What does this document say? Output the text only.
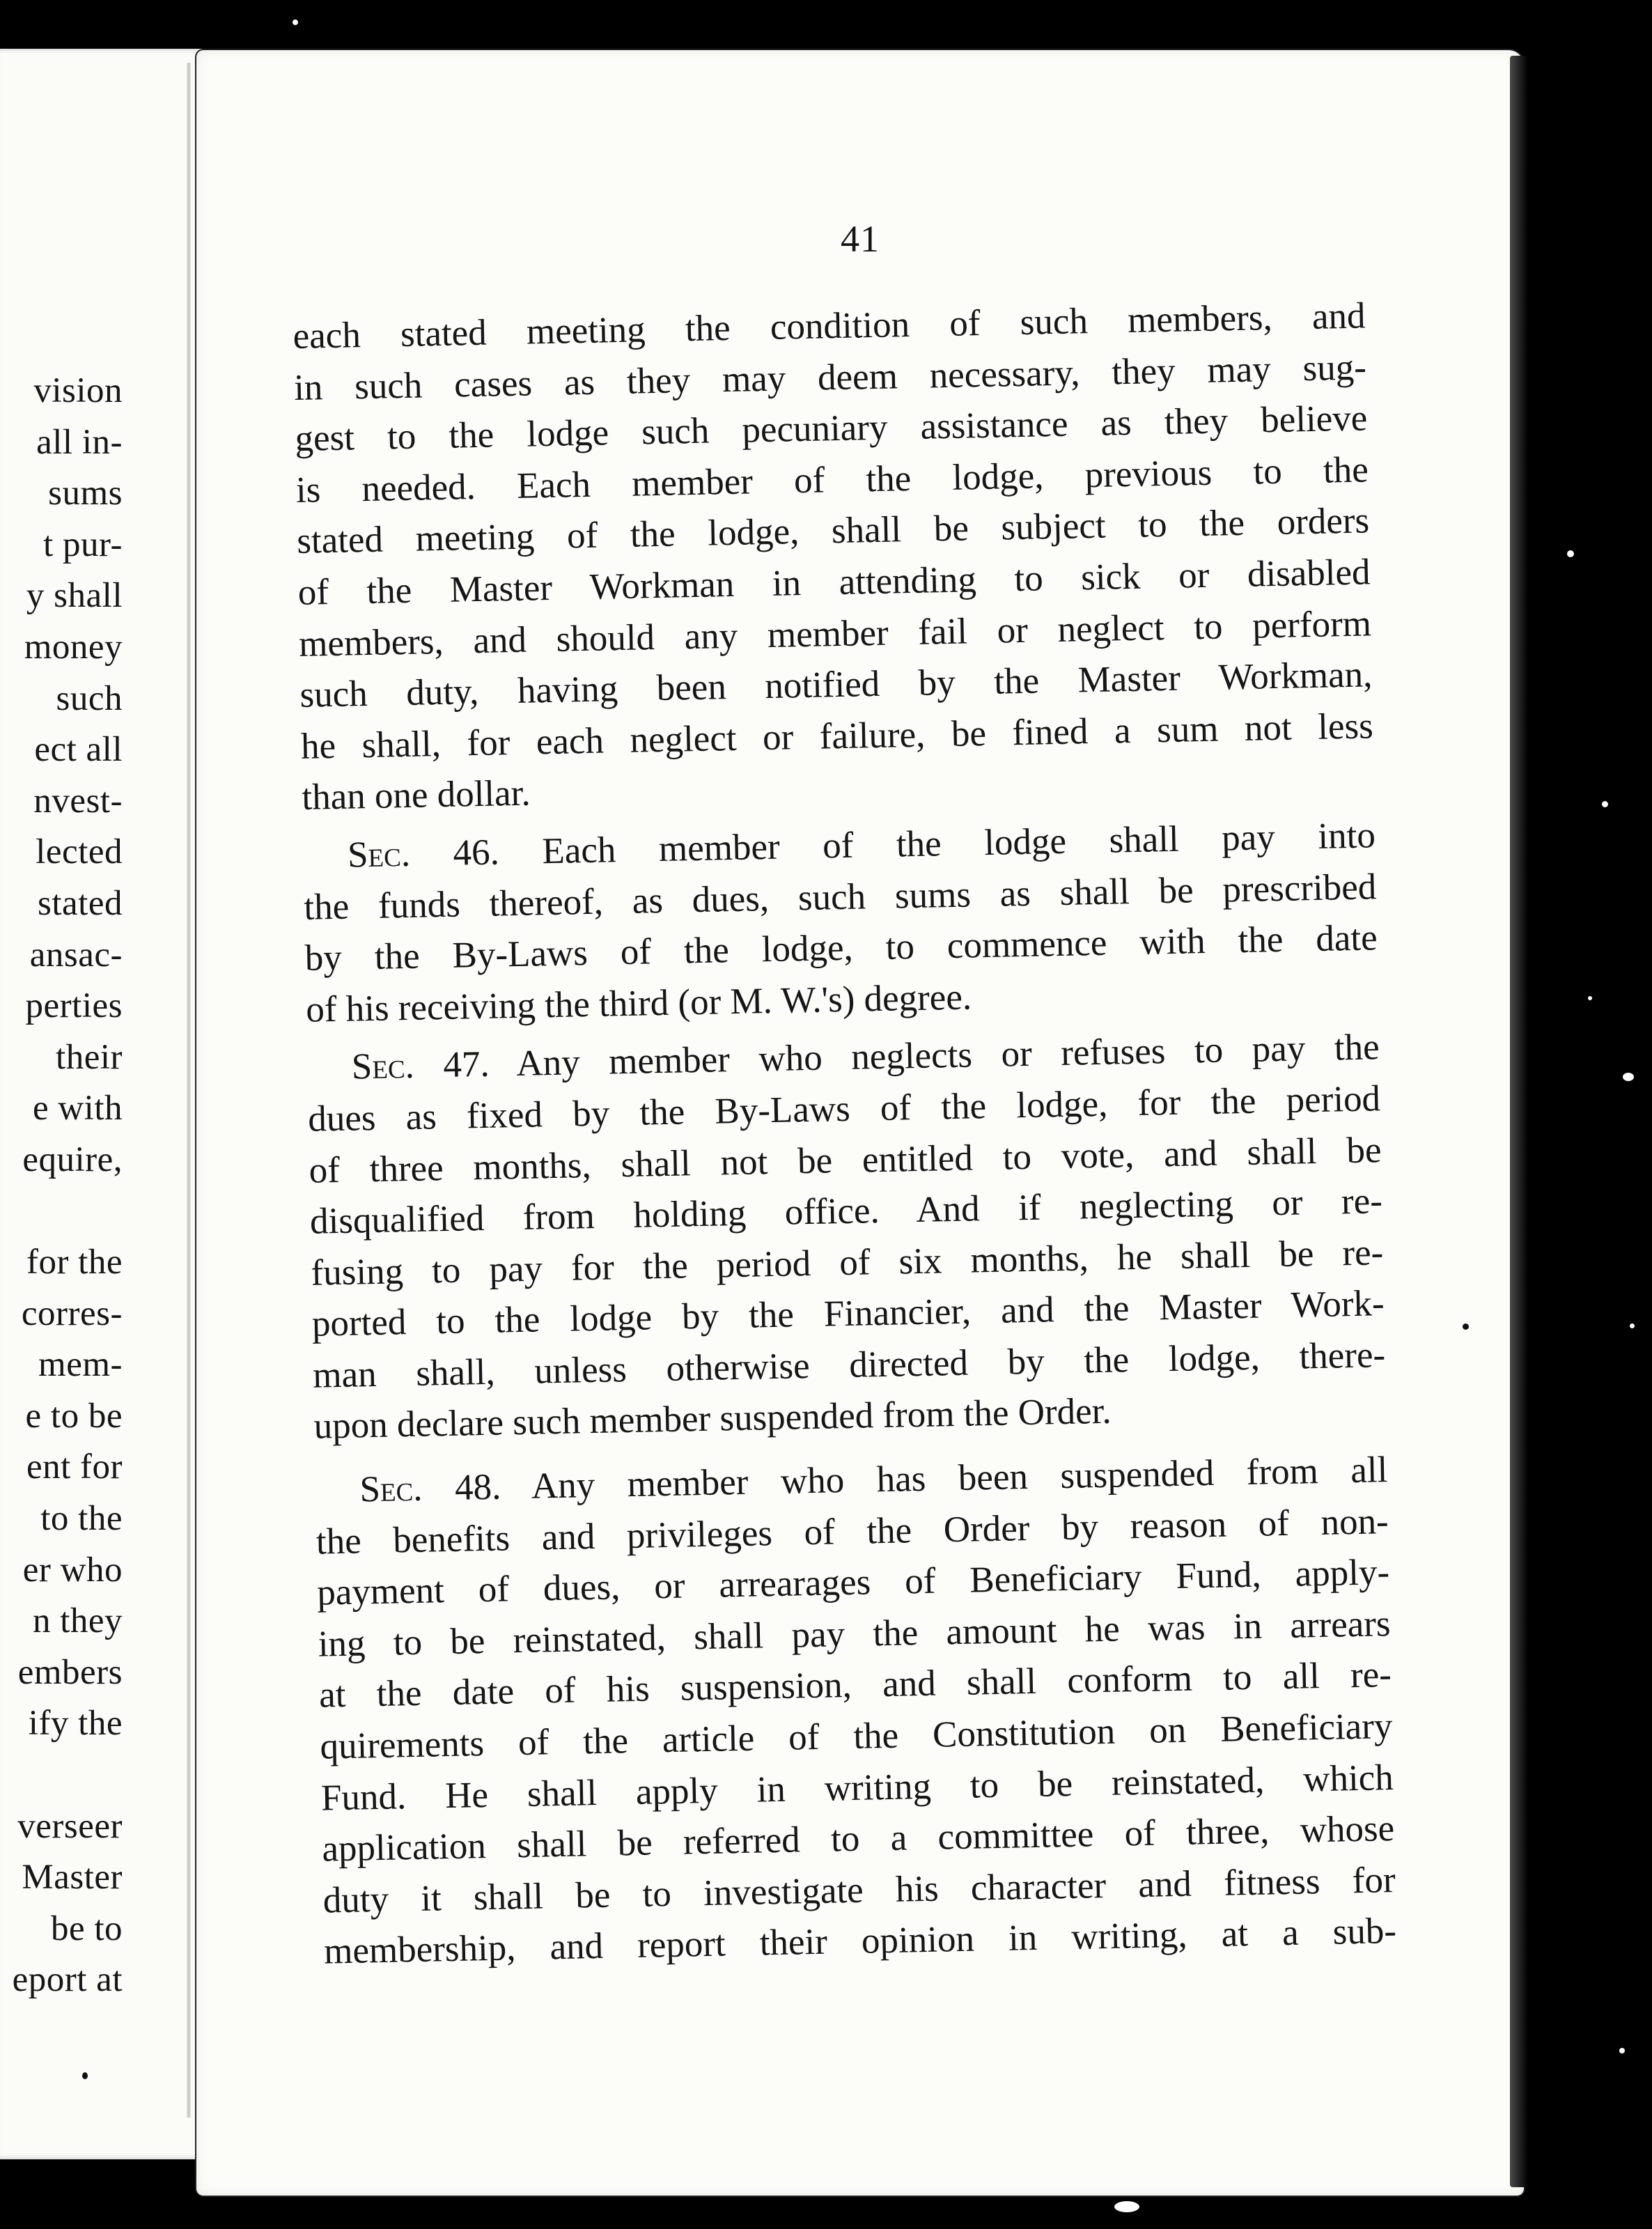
vision
all in-
sums
t pur-
y shall
money
such
ect all
nvest-
lected
stated
ansac-
perties
their
e with
equire,
for the
corres-
mem-
e to be
ent for
to the
er who
n they
embers
ify the
verseer
Master
be to
eport at
41
each stated meeting the condition of such members, and
in such cases as they may deem necessary, they may sug-
gest to the lodge such pecuniary assistance as they believe
is needed. Each member of the lodge, previous to the
stated meeting of the lodge, shall be subject to the orders
of the Master Workman in attending to sick or disabled
members, and should any member fail or neglect to perform
such duty, having been notified by the Master Workman,
he shall, for each neglect or failure, be fined a sum not less
than one dollar.
Sec. 46. Each member of the lodge shall pay into
the funds thereof, as dues, such sums as shall be prescribed
by the By-Laws of the lodge, to commence with the date
of his receiving the third (or M. W.'s) degree.
Sec. 47. Any member who neglects or refuses to pay the
dues as fixed by the By-Laws of the lodge, for the period
of three months, shall not be entitled to vote, and shall be
disqualified from holding office. And if neglecting or re-
fusing to pay for the period of six months, he shall be re-
ported to the lodge by the Financier, and the Master Work-
man shall, unless otherwise directed by the lodge, there-
upon declare such member suspended from the Order.
Sec. 48. Any member who has been suspended from all
the benefits and privileges of the Order by reason of non-
payment of dues, or arrearages of Beneficiary Fund, apply-
ing to be reinstated, shall pay the amount he was in arrears
at the date of his suspension, and shall conform to all re-
quirements of the article of the Constitution on Beneficiary
Fund. He shall apply in writing to be reinstated, which
application shall be referred to a committee of three, whose
duty it shall be to investigate his character and fitness for
membership, and report their opinion in writing, at a sub-
